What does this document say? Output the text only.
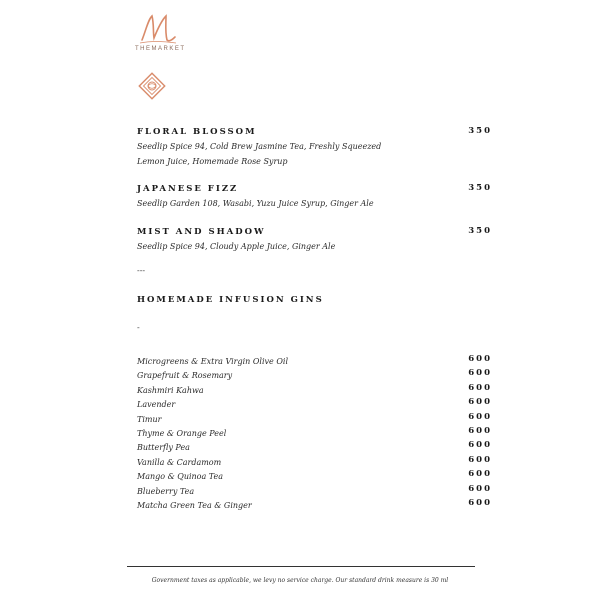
THEMARKET
FLORAL BLOSSOM	350
Seedlip Spice 94, Cold Brew Jasmine Tea, Freshly Squeezed
Lemon Juice, Homemade Rose Syrup
JAPANESE FIZZ	350
Seedlip Garden 108, Wasabi, Yuzu Juice Syrup, Ginger Ale
MIST AND SHADOW	350
Seedlip Spice 94, Cloudy Apple Juice, Ginger Ale
---
HOMEMADE INFUSION GINS
-
Microgreens & Extra Virgin Olive Oil	600
Grapefruit & Rosemary	600
Kashmiri Kahwa	600
Lavender	600
Timur	600
Thyme & Orange Peel	600
Butterfly Pea	600
Vanilla & Cardamom	600
Mango & Quinoa Tea	600
Blueberry Tea	600
Matcha Green Tea & Ginger	600
Government taxes as applicable, we levy no service charge. Our standard drink measure is 30 ml
